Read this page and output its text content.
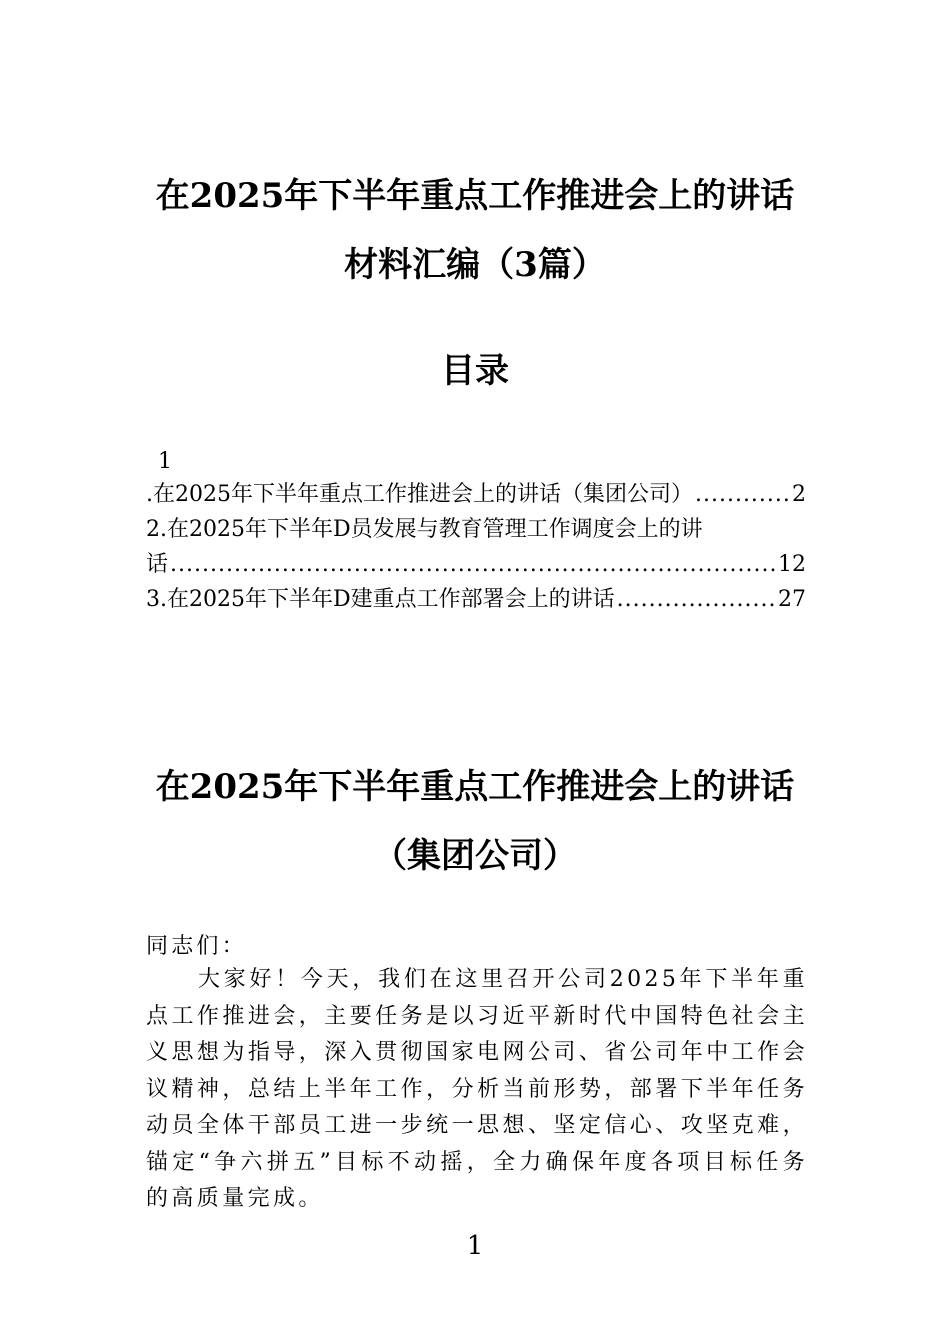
在2025年下半年重点工作推进会上的讲话
材料汇编（3篇）
目录
1
.在2025年下半年重点工作推进会上的讲话（集团公司） .....	2
2.在2025年下半年D员发展与教育管理工作调度会上的讲
话 .....	12
3.在2025年下半年D建重点工作部署会上的讲话 .....	27
在2025年下半年重点工作推进会上的讲话
（集团公司）
同志们：
大家好！今天，我们在这里召开公司2025年下半年重点工作推进会，主要任务是以习近平新时代中国特色社会主义思想为指导，深入贯彻国家电网公司、省公司年中工作会议精神，总结上半年工作，分析当前形势，部署下半年任务动员全体干部员工进一步统一思想、坚定信心、攻坚克难，锚定“争六拼五”目标不动摇，全力确保年度各项目标任务的高质量完成。
1
